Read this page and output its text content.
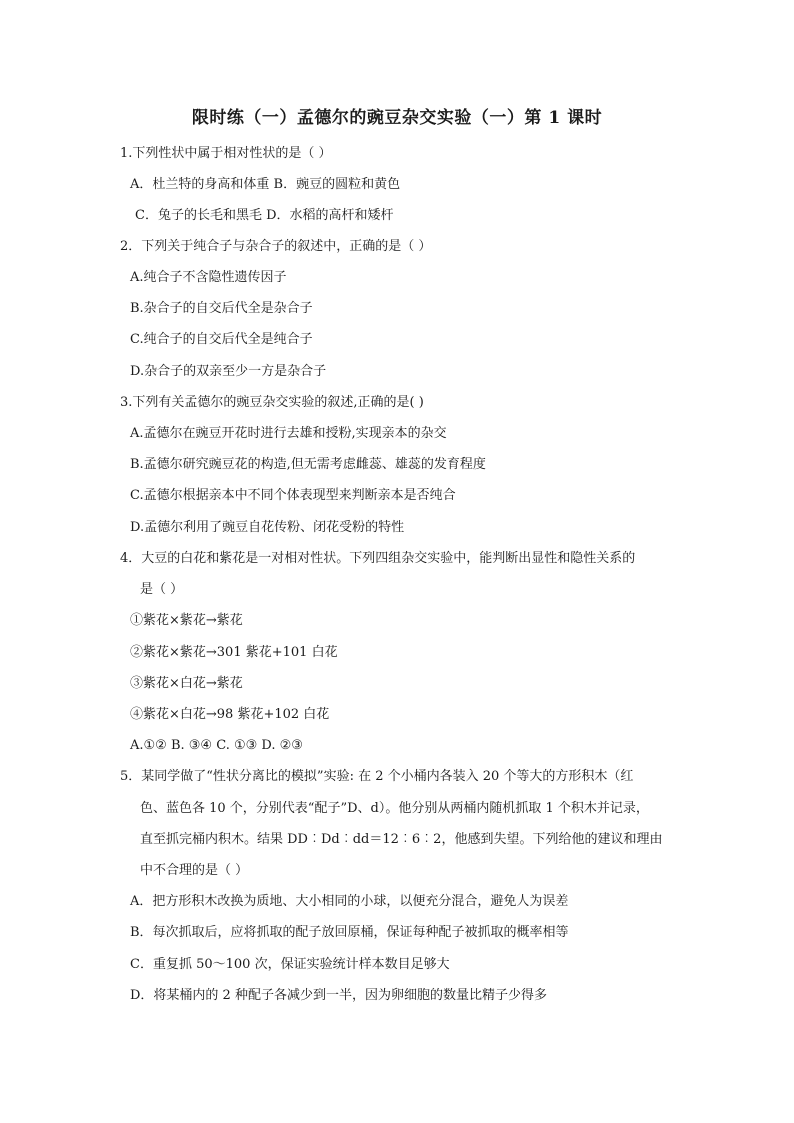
限时练（一）孟德尔的豌豆杂交实验（一）第 1 课时
1.下列性状中属于相对性状的是（ ）
A．杜兰特的身高和体重 B．豌豆的圆粒和黄色
C．兔子的长毛和黑毛 D．水稻的高杆和矮杆
2．下列关于纯合子与杂合子的叙述中，正确的是（ ）
A.纯合子不含隐性遗传因子
B.杂合子的自交后代全是杂合子
C.纯合子的自交后代全是纯合子
D.杂合子的双亲至少一方是杂合子
3.下列有关孟德尔的豌豆杂交实验的叙述,正确的是( )
A.孟德尔在豌豆开花时进行去雄和授粉,实现亲本的杂交
B.孟德尔研究豌豆花的构造,但无需考虑雌蕊、雄蕊的发育程度
C.孟德尔根据亲本中不同个体表现型来判断亲本是否纯合
D.孟德尔利用了豌豆自花传粉、闭花受粉的特性
4．大豆的白花和紫花是一对相对性状。下列四组杂交实验中，能判断出显性和隐性关系的
是（ ）
①紫花×紫花→紫花
②紫花×紫花→301 紫花+101 白花
③紫花×白花→紫花
④紫花×白花→98 紫花+102 白花
A.①② B. ③④ C. ①③ D. ②③
5．某同学做了“性状分离比的模拟”实验: 在 2 个小桶内各装入 20 个等大的方形积木（红
色、蓝色各 10 个，分别代表“配子”D、d）。他分别从两桶内随机抓取 1 个积木并记录，
直至抓完桶内积木。结果 DD︰Dd︰dd＝12︰6︰2，他感到失望。下列给他的建议和理由
中不合理的是（ ）
A．把方形积木改换为质地、大小相同的小球，以便充分混合，避免人为误差
B．每次抓取后，应将抓取的配子放回原桶，保证每种配子被抓取的概率相等
C．重复抓 50～100 次，保证实验统计样本数目足够大
D．将某桶内的 2 种配子各减少到一半，因为卵细胞的数量比精子少得多
